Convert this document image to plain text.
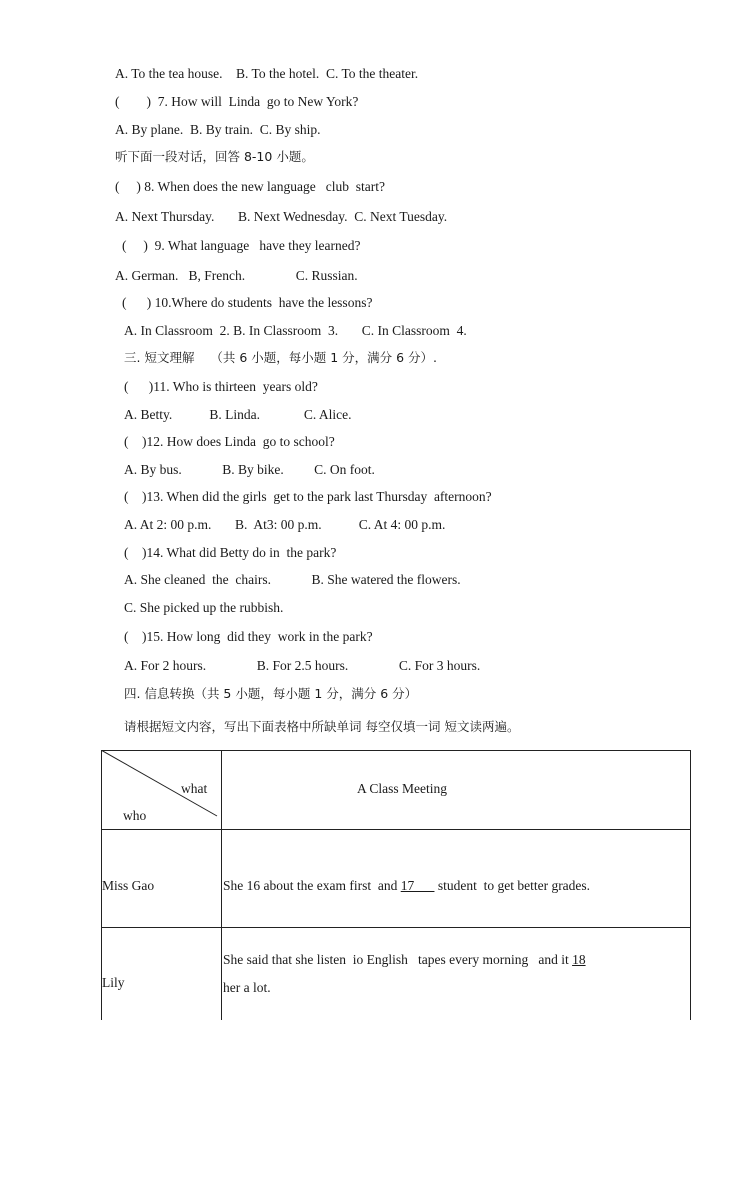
A. To the tea house.    B. To the hotel.  C. To the theater.
(        )  7. How will  Linda  go to New York?
A. By plane.  B. By train.  C. By ship.
听下面一段对话，回答 8-10 小题。
(     ) 8. When does the new language   club  start?
A. Next Thursday.       B. Next Wednesday.  C. Next Tuesday.
(     )  9. What language   have they learned?
A. German.   B, French.               C. Russian.
(      ) 10.Where do students  have the lessons?
A. In Classroom  2. B. In Classroom  3.       C. In Classroom  4.
三. 短文理解    （共 6 小题，每小题 1 分，满分 6 分）.
(      )11. Who is thirteen  years old?
A. Betty.           B. Linda.             C. Alice.
(    )12. How does Linda  go to school?
A. By bus.            B. By bike.         C. On foot.
(    )13. When did the girls  get to the park last Thursday  afternoon?
A. At 2: 00 p.m.       B.  At3: 00 p.m.           C. At 4: 00 p.m.
(    )14. What did Betty do in  the park?
A. She cleaned  the  chairs.            B. She watered the flowers.
C. She picked up the rubbish.
(    )15. How long  did they  work in the park?
A. For 2 hours.               B. For 2.5 hours.               C. For 3 hours.
四. 信息转换（共 5 小题，每小题 1 分，满分 6 分）
请根据短文内容，写出下面表格中所缺单词 每空仅填一词 短文读两遍。
what
who
A Class Meeting
Miss Gao	She 16 about the exam first  and 17       student  to get better grades.
Lily
She said that she listen  io English   tapes every morning   and it 18
her a lot.
